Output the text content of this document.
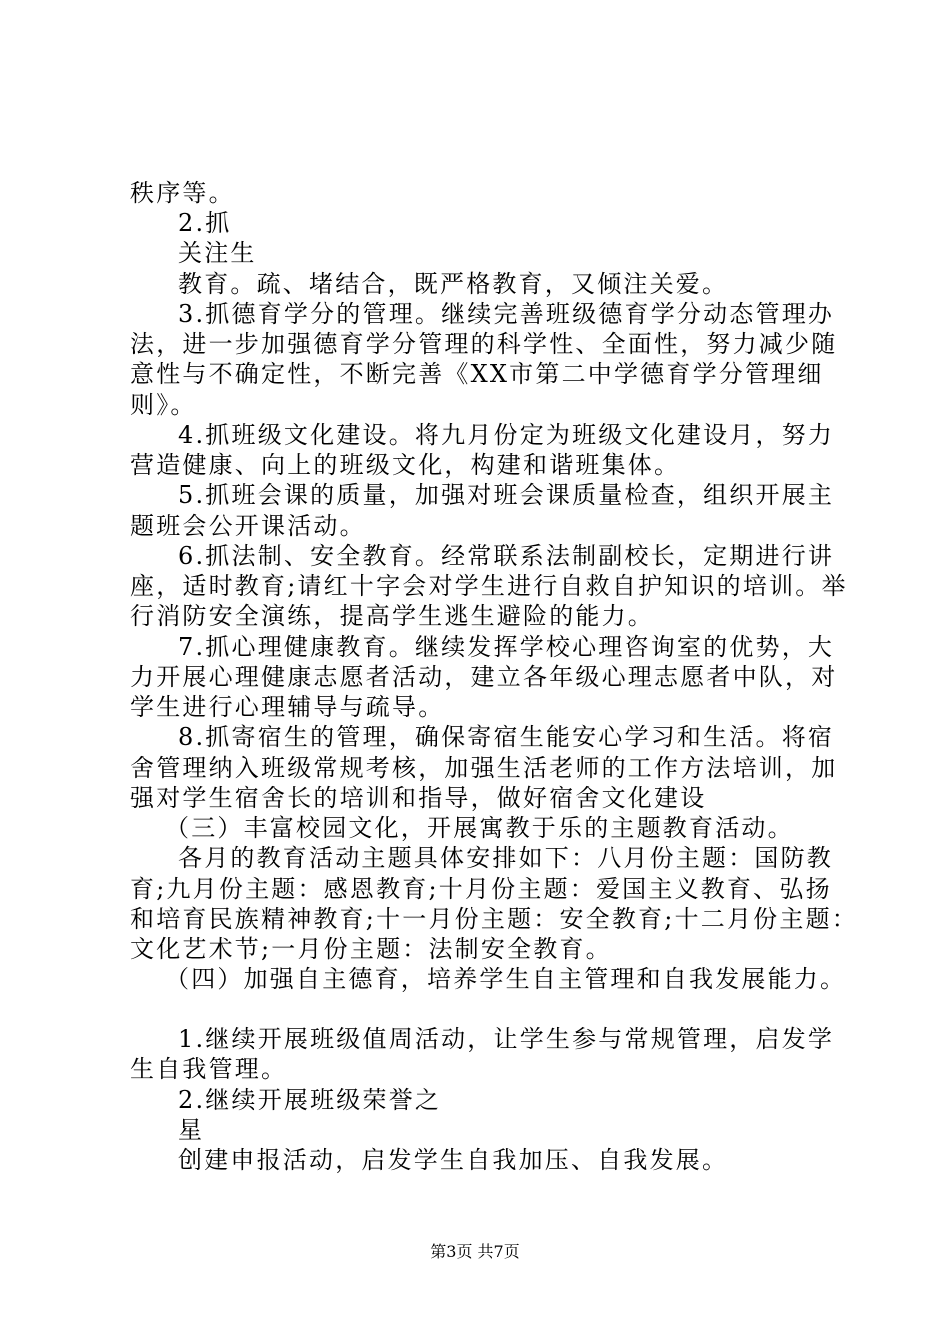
秩序等。
2.抓
关注生
教育。疏、堵结合，既严格教育，又倾注关爱。
3.抓德育学分的管理。继续完善班级德育学分动态管理办
法，进一步加强德育学分管理的科学性、全面性，努力减少随
意性与不确定性，不断完善《XX市第二中学德育学分管理细
则》。
4.抓班级文化建设。将九月份定为班级文化建设月，努力
营造健康、向上的班级文化，构建和谐班集体。
5.抓班会课的质量，加强对班会课质量检查，组织开展主
题班会公开课活动。
6.抓法制、安全教育。经常联系法制副校长，定期进行讲
座，适时教育;请红十字会对学生进行自救自护知识的培训。举
行消防安全演练，提高学生逃生避险的能力。
7.抓心理健康教育。继续发挥学校心理咨询室的优势，大
力开展心理健康志愿者活动，建立各年级心理志愿者中队，对
学生进行心理辅导与疏导。
8.抓寄宿生的管理，确保寄宿生能安心学习和生活。将宿
舍管理纳入班级常规考核，加强生活老师的工作方法培训，加
强对学生宿舍长的培训和指导，做好宿舍文化建设
（三）丰富校园文化，开展寓教于乐的主题教育活动。
各月的教育活动主题具体安排如下：八月份主题：国防教
育;九月份主题：感恩教育;十月份主题：爱国主义教育、弘扬
和培育民族精神教育;十一月份主题：安全教育;十二月份主题：
文化艺术节;一月份主题：法制安全教育。
（四）加强自主德育，培养学生自主管理和自我发展能力。
1.继续开展班级值周活动，让学生参与常规管理，启发学
生自我管理。
2.继续开展班级荣誉之
星
创建申报活动，启发学生自我加压、自我发展。
第3页 共7页
